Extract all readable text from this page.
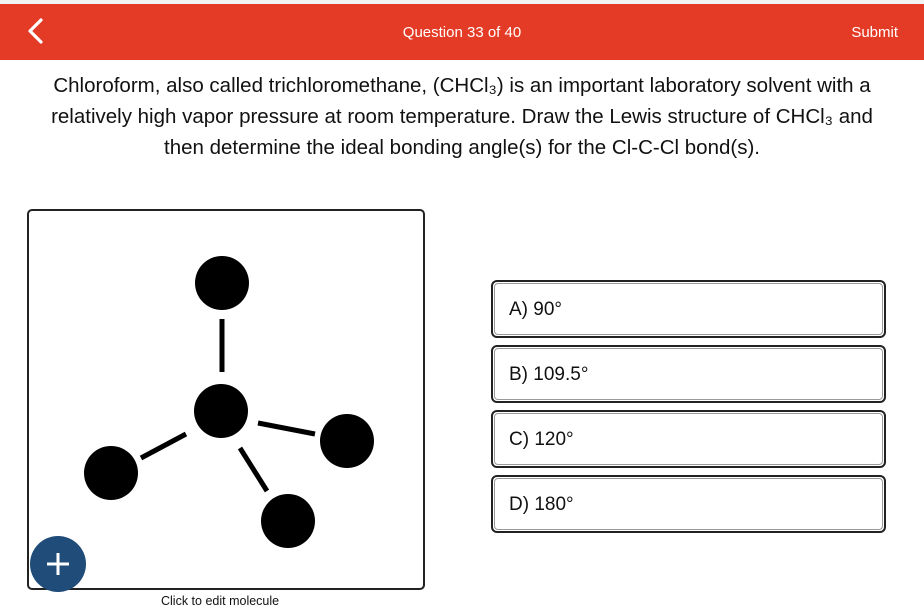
Question 33 of 40	Submit
Chloroform, also called trichloromethane, (CHCl₃) is an important laboratory solvent with a relatively high vapor pressure at room temperature. Draw the Lewis structure of CHCl₃ and then determine the ideal bonding angle(s) for the Cl-C-Cl bond(s).
Click to edit molecule
A) 90°
B) 109.5°
C) 120°
D) 180°
